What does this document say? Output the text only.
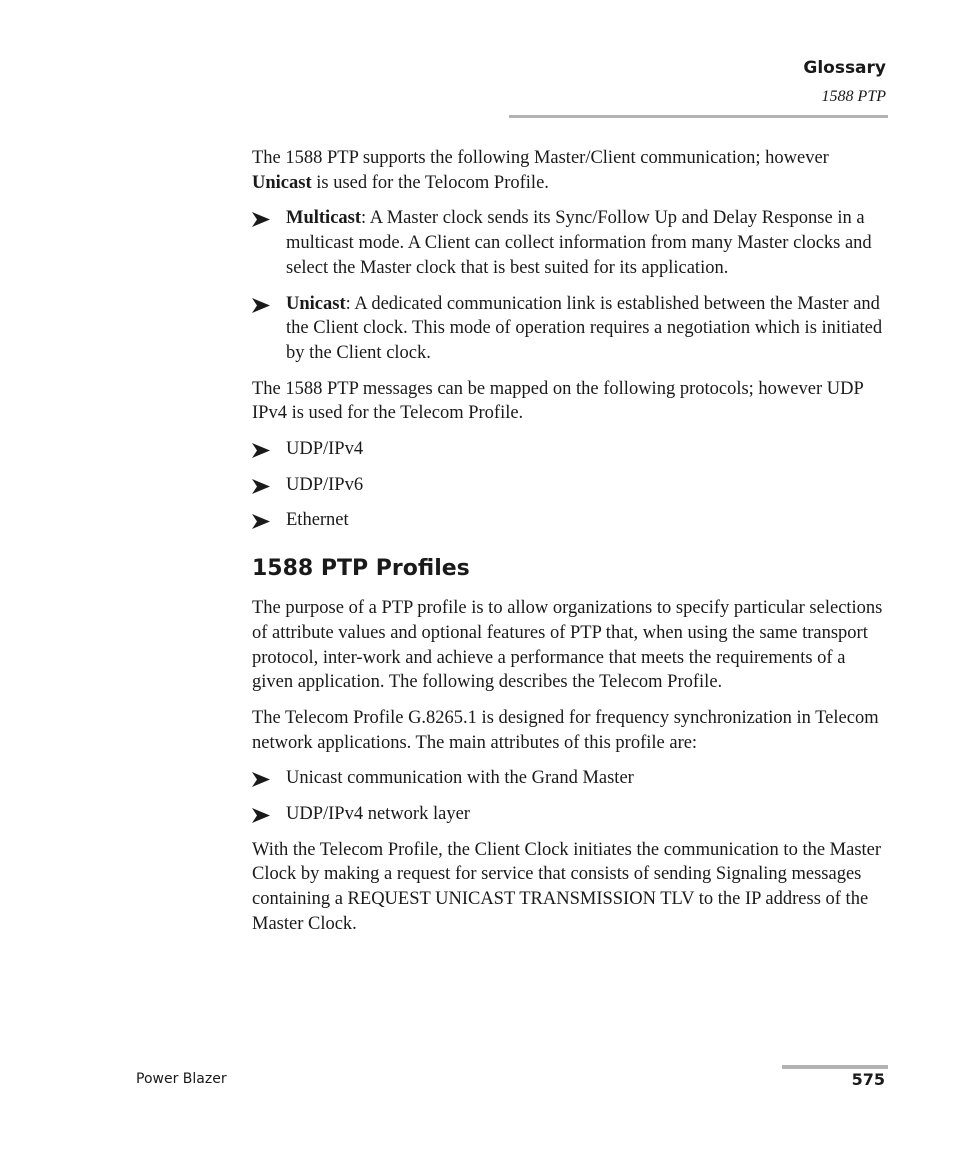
Glossary
1588 PTP

The 1588 PTP supports the following Master/Client communication; however Unicast is used for the Telocom Profile.

Multicast: A Master clock sends its Sync/Follow Up and Delay Response in a multicast mode. A Client can collect information from many Master clocks and select the Master clock that is best suited for its application.
Unicast: A dedicated communication link is established between the Master and the Client clock. This mode of operation requires a negotiation which is initiated by the Client clock.

The 1588 PTP messages can be mapped on the following protocols; however UDP IPv4 is used for the Telecom Profile.

UDP/IPv4
UDP/IPv6
Ethernet
1588 PTP Profiles

The purpose of a PTP profile is to allow organizations to specify particular selections of attribute values and optional features of PTP that, when using the same transport protocol, inter-work and achieve a performance that meets the requirements of a given application. The following describes the Telecom Profile.

The Telecom Profile G.8265.1 is designed for frequency synchronization in Telecom network applications. The main attributes of this profile are:

Unicast communication with the Grand Master
UDP/IPv4 network layer

With the Telecom Profile, the Client Clock initiates the communication to the Master Clock by making a request for service that consists of sending Signaling messages containing a REQUEST UNICAST TRANSMISSION TLV to the IP address of the Master Clock.

Power Blazer	575
